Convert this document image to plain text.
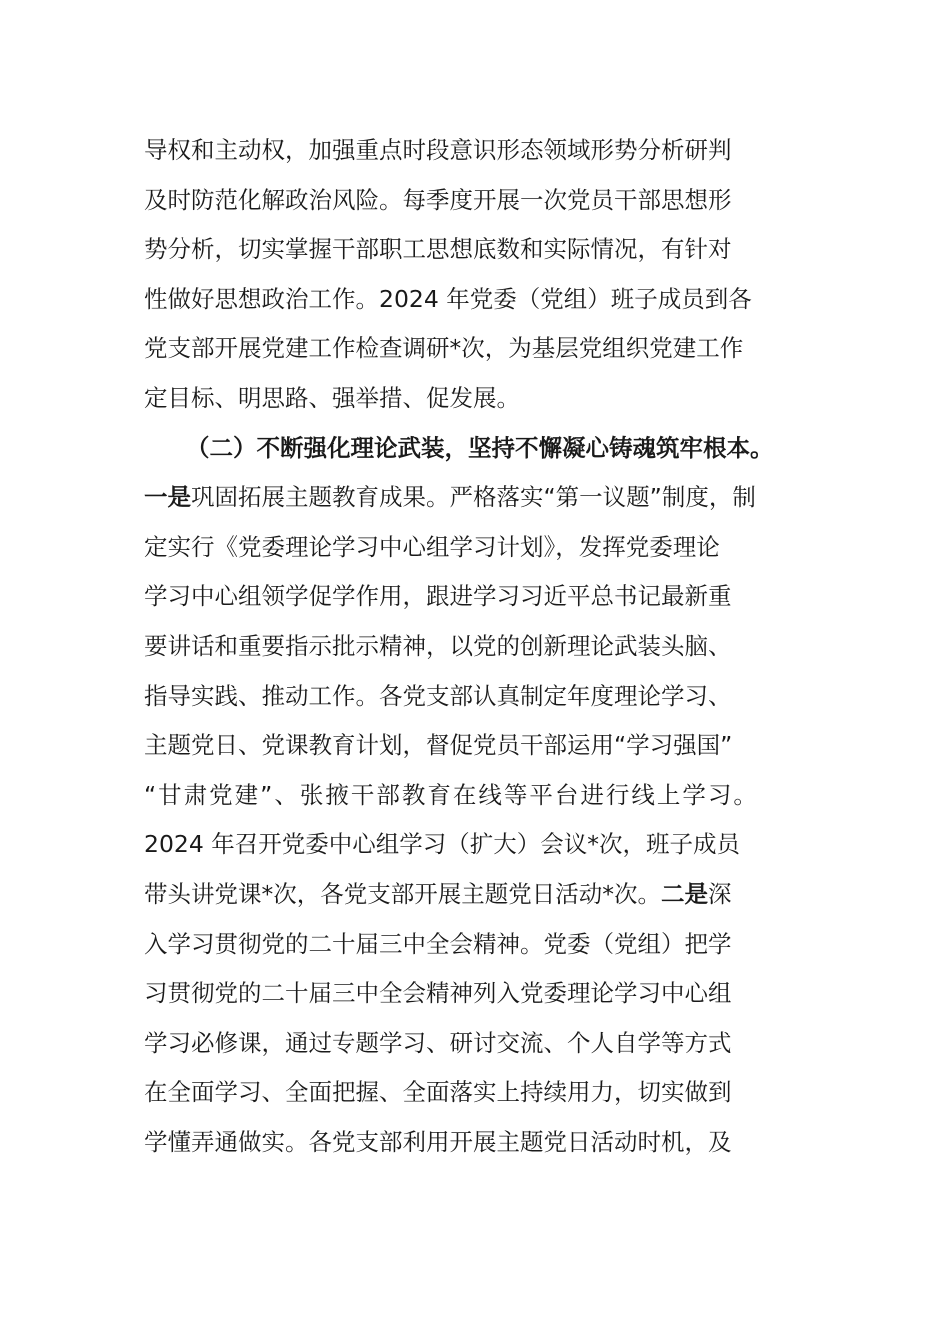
导权和主动权，加强重点时段意识形态领域形势分析研判
及时防范化解政治风险。每季度开展一次党员干部思想形
势分析，切实掌握干部职工思想底数和实际情况，有针对
性做好思想政治工作。2024 年党委（党组）班子成员到各
党支部开展党建工作检查调研*次，为基层党组织党建工作
定目标、明思路、强举措、促发展。
（二）不断强化理论武装，坚持不懈凝心铸魂筑牢根本。
一是巩固拓展主题教育成果。严格落实“第一议题”制度，制
定实行《党委理论学习中心组学习计划》，发挥党委理论
学习中心组领学促学作用，跟进学习习近平总书记最新重
要讲话和重要指示批示精神，以党的创新理论武装头脑、
指导实践、推动工作。各党支部认真制定年度理论学习、
主题党日、党课教育计划，督促党员干部运用“学习强国”
“甘肃党建”、张掖干部教育在线等平台进行线上学习。
2024 年召开党委中心组学习（扩大）会议*次，班子成员
带头讲党课*次，各党支部开展主题党日活动*次。二是深
入学习贯彻党的二十届三中全会精神。党委（党组）把学
习贯彻党的二十届三中全会精神列入党委理论学习中心组
学习必修课，通过专题学习、研讨交流、个人自学等方式
在全面学习、全面把握、全面落实上持续用力，切实做到
学懂弄通做实。各党支部利用开展主题党日活动时机，及
